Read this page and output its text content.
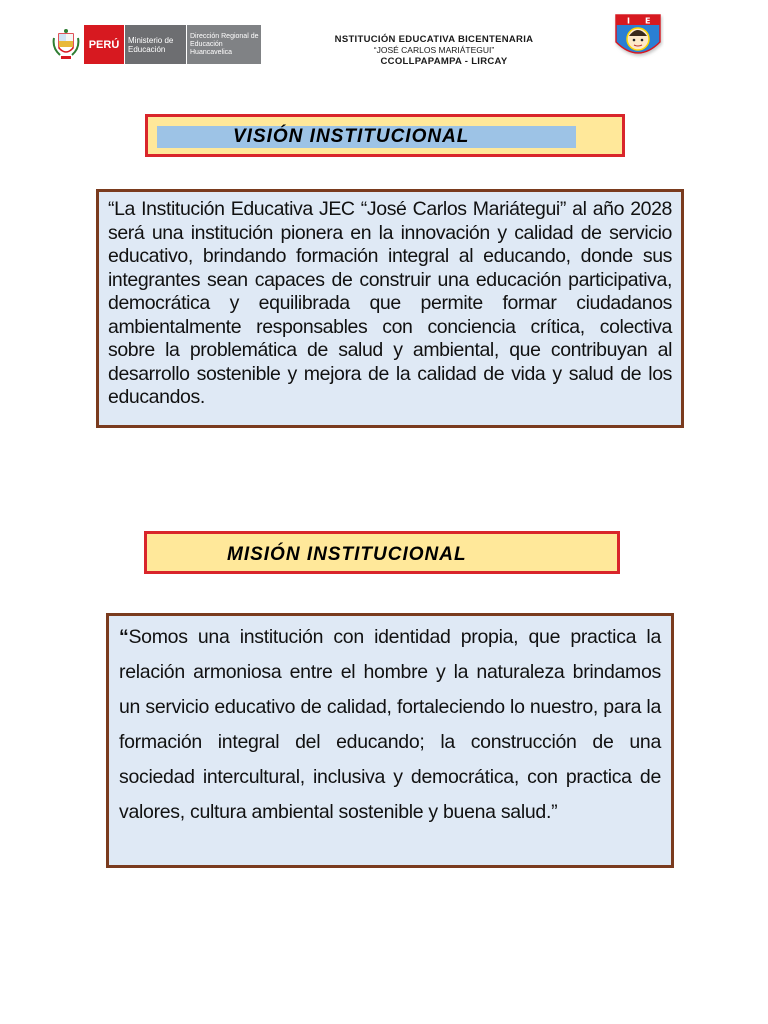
PERÚ	Ministerio de Educación
Dirección Regional de Educación Huancavelica
NSTITUCIÓN EDUCATIVA BICENTENARIA
“JOSÉ CARLOS MARIÁTEGUI”
CCOLLPAPAMPA - LIRCAY
I E
VISIÓN INSTITUCIONAL
“La Institución Educativa JEC “José Carlos Mariátegui” al año 2028 será una institución pionera en la innovación y calidad de servicio educativo, brindando formación integral al educando, donde sus integrantes sean capaces de construir una educación participativa, democrática y equilibrada que permite formar ciudadanos ambientalmente responsables con conciencia crítica, colectiva sobre la problemática de salud y ambiental, que contribuyan al desarrollo sostenible y mejora de la calidad de vida y salud de los educandos.
MISIÓN INSTITUCIONAL
“Somos una institución con identidad propia, que practica la relación armoniosa entre el hombre y la naturaleza brindamos un servicio educativo de calidad, fortaleciendo lo nuestro, para la formación integral del educando; la construcción de una sociedad intercultural, inclusiva y democrática, con practica de valores, cultura ambiental sostenible y buena salud.”
